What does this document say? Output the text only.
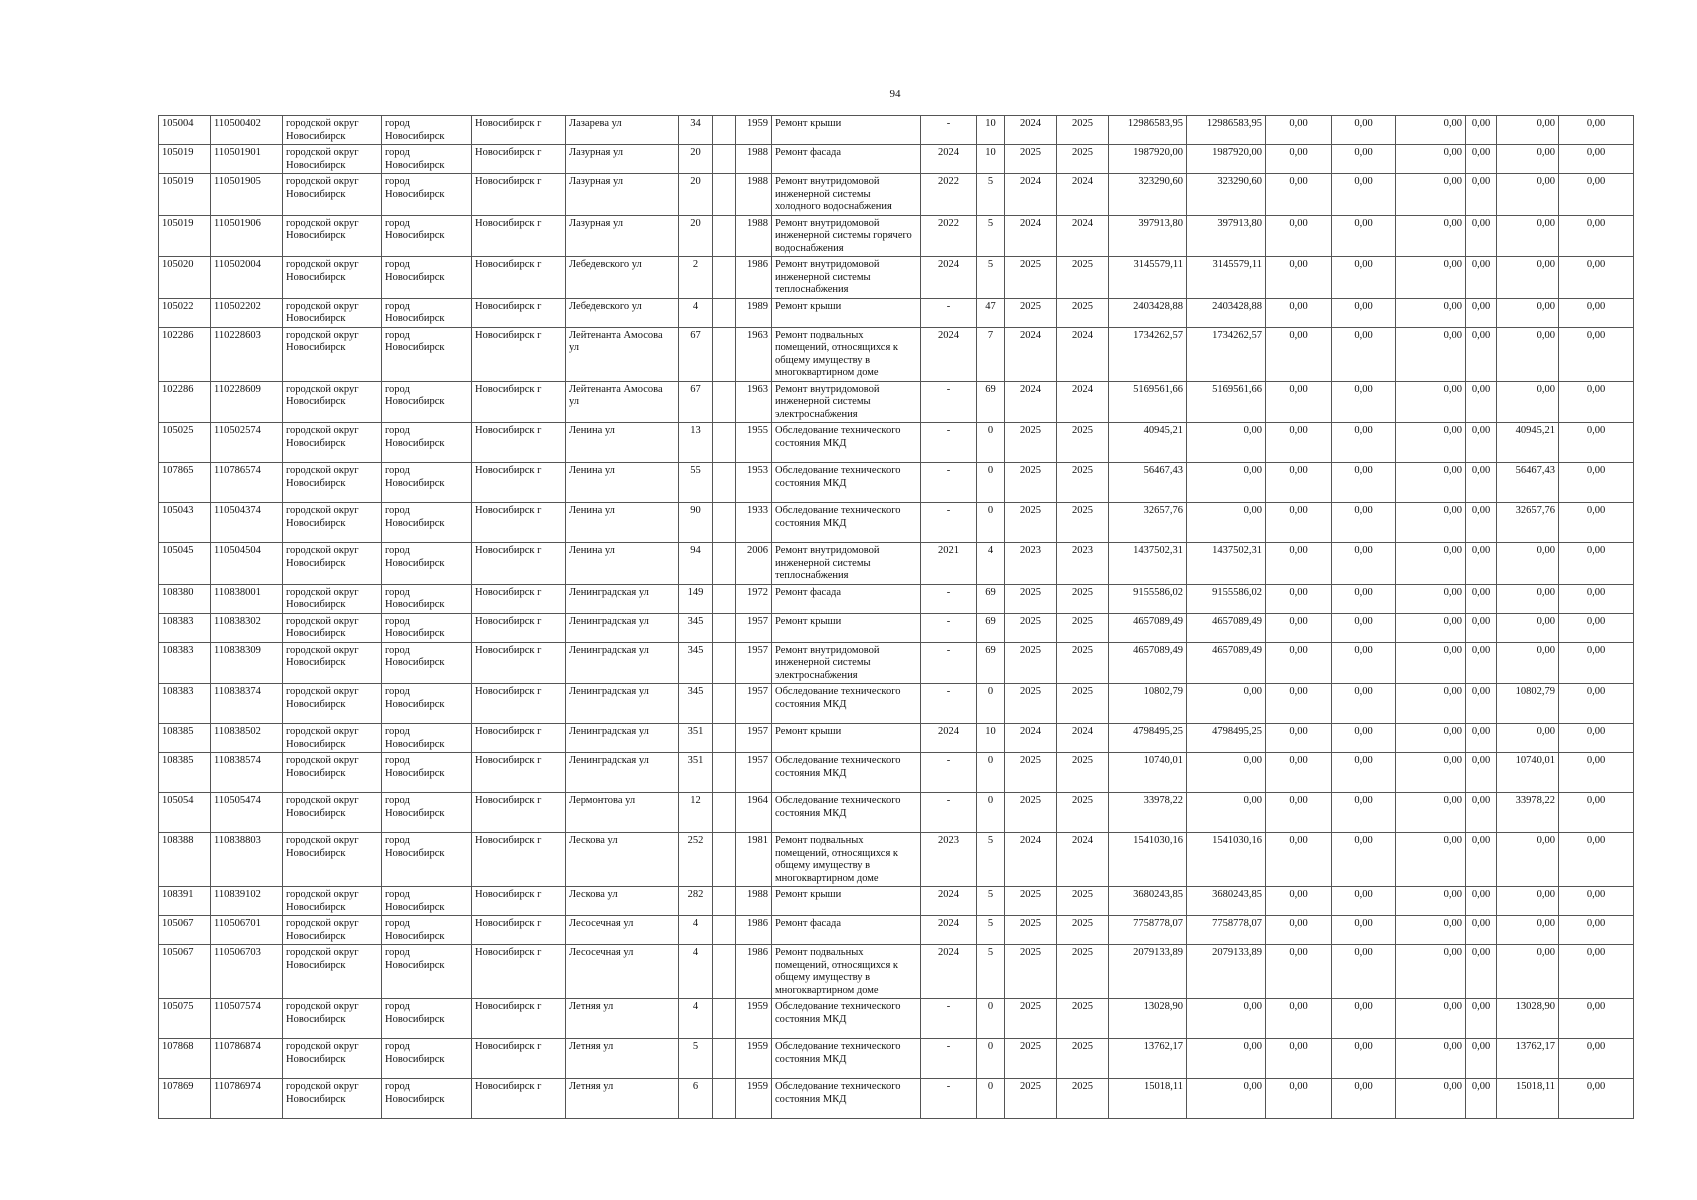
94
105004	110500402	городской округ Новосибирск	город Новосибирск	Новосибирск г	Лазарева ул	34		1959	Ремонт крыши	-	10	2024	2025	12986583,95	12986583,95	0,00	0,00	0,00	0,00	0,00	0,00
105019	110501901	городской округ Новосибирск	город Новосибирск	Новосибирск г	Лазурная ул	20		1988	Ремонт фасада	2024	10	2025	2025	1987920,00	1987920,00	0,00	0,00	0,00	0,00	0,00	0,00
105019	110501905	городской округ Новосибирск	город Новосибирск	Новосибирск г	Лазурная ул	20		1988	Ремонт внутридомовой инженерной системы холодного водоснабжения	2022	5	2024	2024	323290,60	323290,60	0,00	0,00	0,00	0,00	0,00	0,00
105019	110501906	городской округ Новосибирск	город Новосибирск	Новосибирск г	Лазурная ул	20		1988	Ремонт внутридомовой инженерной системы горячего водоснабжения	2022	5	2024	2024	397913,80	397913,80	0,00	0,00	0,00	0,00	0,00	0,00
105020	110502004	городской округ Новосибирск	город Новосибирск	Новосибирск г	Лебедевского ул	2		1986	Ремонт внутридомовой инженерной системы теплоснабжения	2024	5	2025	2025	3145579,11	3145579,11	0,00	0,00	0,00	0,00	0,00	0,00
105022	110502202	городской округ Новосибирск	город Новосибирск	Новосибирск г	Лебедевского ул	4		1989	Ремонт крыши	-	47	2025	2025	2403428,88	2403428,88	0,00	0,00	0,00	0,00	0,00	0,00
102286	110228603	городской округ Новосибирск	город Новосибирск	Новосибирск г	Лейтенанта Амосова ул	67		1963	Ремонт подвальных помещений, относящихся к общему имуществу в многоквартирном доме	2024	7	2024	2024	1734262,57	1734262,57	0,00	0,00	0,00	0,00	0,00	0,00
102286	110228609	городской округ Новосибирск	город Новосибирск	Новосибирск г	Лейтенанта Амосова ул	67		1963	Ремонт внутридомовой инженерной системы электроснабжения	-	69	2024	2024	5169561,66	5169561,66	0,00	0,00	0,00	0,00	0,00	0,00
105025	110502574	городской округ Новосибирск	город Новосибирск	Новосибирск г	Ленина ул	13		1955	Обследование технического состояния МКД	-	0	2025	2025	40945,21	0,00	0,00	0,00	0,00	0,00	40945,21	0,00
107865	110786574	городской округ Новосибирск	город Новосибирск	Новосибирск г	Ленина ул	55		1953	Обследование технического состояния МКД	-	0	2025	2025	56467,43	0,00	0,00	0,00	0,00	0,00	56467,43	0,00
105043	110504374	городской округ Новосибирск	город Новосибирск	Новосибирск г	Ленина ул	90		1933	Обследование технического состояния МКД	-	0	2025	2025	32657,76	0,00	0,00	0,00	0,00	0,00	32657,76	0,00
105045	110504504	городской округ Новосибирск	город Новосибирск	Новосибирск г	Ленина ул	94		2006	Ремонт внутридомовой инженерной системы теплоснабжения	2021	4	2023	2023	1437502,31	1437502,31	0,00	0,00	0,00	0,00	0,00	0,00
108380	110838001	городской округ Новосибирск	город Новосибирск	Новосибирск г	Ленинградская ул	149		1972	Ремонт фасада	-	69	2025	2025	9155586,02	9155586,02	0,00	0,00	0,00	0,00	0,00	0,00
108383	110838302	городской округ Новосибирск	город Новосибирск	Новосибирск г	Ленинградская ул	345		1957	Ремонт крыши	-	69	2025	2025	4657089,49	4657089,49	0,00	0,00	0,00	0,00	0,00	0,00
108383	110838309	городской округ Новосибирск	город Новосибирск	Новосибирск г	Ленинградская ул	345		1957	Ремонт внутридомовой инженерной системы электроснабжения	-	69	2025	2025	4657089,49	4657089,49	0,00	0,00	0,00	0,00	0,00	0,00
108383	110838374	городской округ Новосибирск	город Новосибирск	Новосибирск г	Ленинградская ул	345		1957	Обследование технического состояния МКД	-	0	2025	2025	10802,79	0,00	0,00	0,00	0,00	0,00	10802,79	0,00
108385	110838502	городской округ Новосибирск	город Новосибирск	Новосибирск г	Ленинградская ул	351		1957	Ремонт крыши	2024	10	2024	2024	4798495,25	4798495,25	0,00	0,00	0,00	0,00	0,00	0,00
108385	110838574	городской округ Новосибирск	город Новосибирск	Новосибирск г	Ленинградская ул	351		1957	Обследование технического состояния МКД	-	0	2025	2025	10740,01	0,00	0,00	0,00	0,00	0,00	10740,01	0,00
105054	110505474	городской округ Новосибирск	город Новосибирск	Новосибирск г	Лермонтова ул	12		1964	Обследование технического состояния МКД	-	0	2025	2025	33978,22	0,00	0,00	0,00	0,00	0,00	33978,22	0,00
108388	110838803	городской округ Новосибирск	город Новосибирск	Новосибирск г	Лескова ул	252		1981	Ремонт подвальных помещений, относящихся к общему имуществу в многоквартирном доме	2023	5	2024	2024	1541030,16	1541030,16	0,00	0,00	0,00	0,00	0,00	0,00
108391	110839102	городской округ Новосибирск	город Новосибирск	Новосибирск г	Лескова ул	282		1988	Ремонт крыши	2024	5	2025	2025	3680243,85	3680243,85	0,00	0,00	0,00	0,00	0,00	0,00
105067	110506701	городской округ Новосибирск	город Новосибирск	Новосибирск г	Лесосечная ул	4		1986	Ремонт фасада	2024	5	2025	2025	7758778,07	7758778,07	0,00	0,00	0,00	0,00	0,00	0,00
105067	110506703	городской округ Новосибирск	город Новосибирск	Новосибирск г	Лесосечная ул	4		1986	Ремонт подвальных помещений, относящихся к общему имуществу в многоквартирном доме	2024	5	2025	2025	2079133,89	2079133,89	0,00	0,00	0,00	0,00	0,00	0,00
105075	110507574	городской округ Новосибирск	город Новосибирск	Новосибирск г	Летняя ул	4		1959	Обследование технического состояния МКД	-	0	2025	2025	13028,90	0,00	0,00	0,00	0,00	0,00	13028,90	0,00
107868	110786874	городской округ Новосибирск	город Новосибирск	Новосибирск г	Летняя ул	5		1959	Обследование технического состояния МКД	-	0	2025	2025	13762,17	0,00	0,00	0,00	0,00	0,00	13762,17	0,00
107869	110786974	городской округ Новосибирск	город Новосибирск	Новосибирск г	Летняя ул	6		1959	Обследование технического состояния МКД	-	0	2025	2025	15018,11	0,00	0,00	0,00	0,00	0,00	15018,11	0,00
